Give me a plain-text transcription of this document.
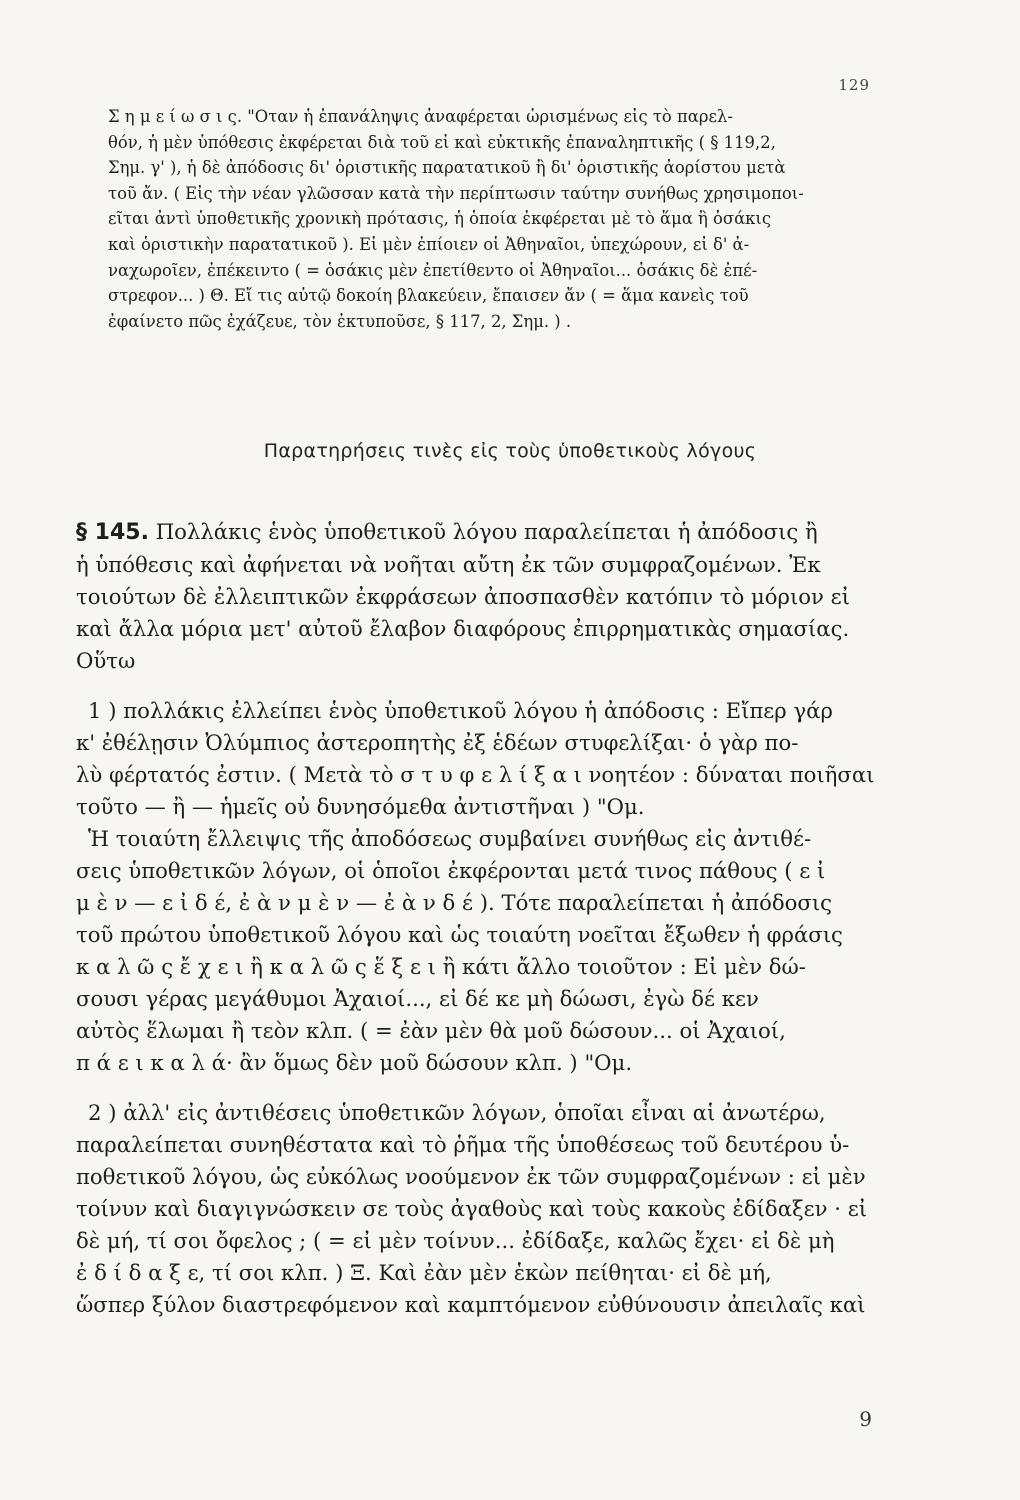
129
Σ η μ ε ί ω σ ι ς. "Οταν ἡ ἐπανάληψις ἀναφέρεται ὡρισμένως εἰς τὸ παρελ-
θόν, ἡ μὲν ὑπόθεσις ἐκφέρεται διὰ τοῦ εἰ καὶ εὐκτικῆς ἐπαναληπτικῆς ( § 119,2,
Σημ. γ' ), ἡ δὲ ἀπόδοσις δι' ὁριστικῆς παρατατικοῦ ἢ δι' ὁριστικῆς ἀορίστου μετὰ
τοῦ ἄν. ( Εἰς τὴν νέαν γλῶσσαν κατὰ τὴν περίπτωσιν ταύτην συνήθως χρησιμοποι-
εῖται ἀντὶ ὑποθετικῆς χρονικὴ πρότασις, ἡ ὁποία ἐκφέρεται μὲ τὸ ἅμα ἢ ὁσάκις
καὶ ὁριστικὴν παρατατικοῦ ). Εἰ μὲν ἐπίοιεν οἱ Ἀθηναῖοι, ὑπεχώρουν, εἰ δ' ἀ-
ναχωροῖεν, ἐπέκειντο ( = ὁσάκις μὲν ἐπετίθεντο οἱ Ἀθηναῖοι... ὁσάκις δὲ ἐπέ-
στρεφον... ) Θ. Εἴ τις αὐτῷ δοκοίη βλακεύειν, ἔπαισεν ἄν ( = ἅμα κανεὶς τοῦ
ἐφαίνετο πῶς ἐχάζευε, τὸν ἐκτυποῦσε, § 117, 2, Σημ. ) .
Παρατηρήσεις τινὲς εἰς τοὺς ὑποθετικοὺς λόγους
§ 145. Πολλάκις ἑνὸς ὑποθετικοῦ λόγου παραλείπεται ἡ ἀπόδοσις ἢ
ἡ ὑπόθεσις καὶ ἀφήνεται νὰ νοῆται αὔτη ἐκ τῶν συμφραζομένων. Ἐκ
τοιούτων δὲ ἐλλειπτικῶν ἐκφράσεων ἀποσπασθὲν κατόπιν τὸ μόριον εἰ
καὶ ἄλλα μόρια μετ' αὐτοῦ ἔλαβον διαφόρους ἐπιρρηματικὰς σημασίας.
Οὕτω
1 ) πολλάκις ἐλλείπει ἑνὸς ὑποθετικοῦ λόγου ἡ ἀπόδοσις : Εἴπερ γάρ
κ' ἐθέλῃσιν Ὀλύμπιος ἀστεροπητὴς ἐξ ἑδέων στυφελίξαι· ὁ γὰρ πο-
λὺ φέρτατός ἐστιν. ( Μετὰ τὸ σ τ υ φ ε λ ί ξ α ι νοητέον : δύναται ποιῆσαι
τοῦτο — ἢ — ἡμεῖς οὐ δυνησόμεθα ἀντιστῆναι ) "Ομ.
Ἡ τοιαύτη ἔλλειψις τῆς ἀποδόσεως συμβαίνει συνήθως εἰς ἀντιθέ-
σεις ὑποθετικῶν λόγων, οἱ ὁποῖοι ἐκφέρονται μετά τινος πάθους ( ε ἰ
μ ὲ ν — ε ἰ δ έ, ἐ ὰ ν μ ὲ ν — ἐ ὰ ν δ έ ). Τότε παραλείπεται ἡ ἀπόδοσις
τοῦ πρώτου ὑποθετικοῦ λόγου καὶ ὡς τοιαύτη νοεῖται ἔξωθεν ἡ φράσις
κ α λ ῶ ς ἔ χ ε ι ἢ κ α λ ῶ ς ἕ ξ ε ι ἢ κάτι ἄλλο τοιοῦτον : Εἰ μὲν δώ-
σουσι γέρας μεγάθυμοι Ἀχαιοί..., εἰ δέ κε μὴ δώωσι, ἐγὼ δέ κεν
αὐτὸς ἕλωμαι ἢ τεὸν κλπ. ( = ἐὰν μὲν θὰ μοῦ δώσουν... οἱ Ἀχαιοί,
π ά ε ι κ α λ ά· ἂν ὅμως δὲν μοῦ δώσουν κλπ. ) "Ομ.
2 ) ἀλλ' εἰς ἀντιθέσεις ὑποθετικῶν λόγων, ὁποῖαι εἶναι αἱ ἀνωτέρω,
παραλείπεται συνηθέστατα καὶ τὸ ῥῆμα τῆς ὑποθέσεως τοῦ δευτέρου ὑ-
ποθετικοῦ λόγου, ὡς εὐκόλως νοούμενον ἐκ τῶν συμφραζομένων : εἰ μὲν
τοίνυν καὶ διαγιγνώσκειν σε τοὺς ἀγαθοὺς καὶ τοὺς κακοὺς ἐδίδαξεν · εἰ
δὲ μή, τί σοι ὄφελος ; ( = εἰ μὲν τοίνυν... ἐδίδαξε, καλῶς ἔχει· εἰ δὲ μὴ
ἐ δ ί δ α ξ ε, τί σοι κλπ. ) Ξ. Καὶ ἐὰν μὲν ἑκὼν πείθηται· εἰ δὲ μή,
ὥσπερ ξύλον διαστρεφόμενον καὶ καμπτόμενον εὐθύνουσιν ἀπειλαῖς καὶ
9
